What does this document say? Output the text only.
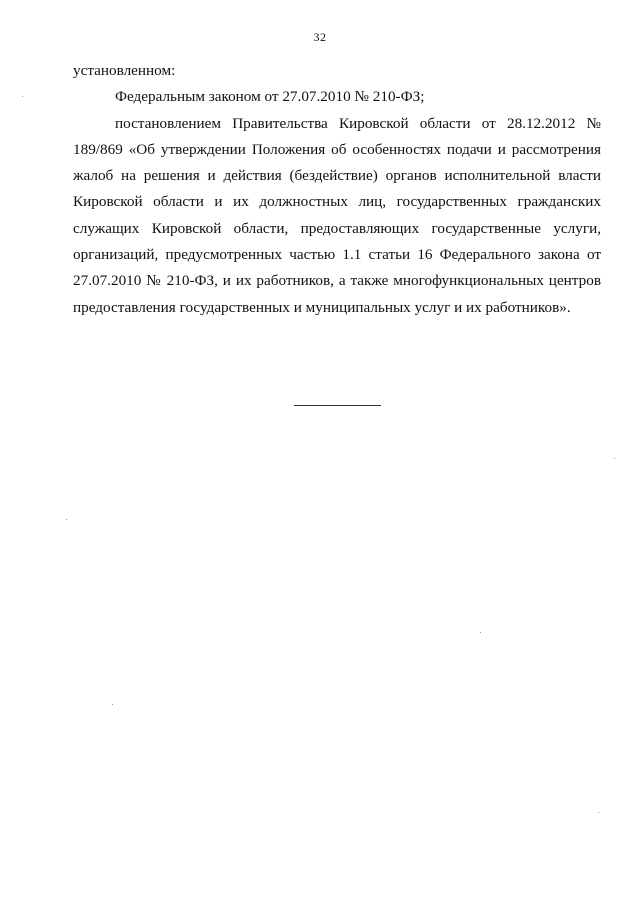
32

установленном:

Федеральным законом от 27.07.2010 № 210-ФЗ;

постановлением Правительства Кировской области от 28.12.2012 № 189/869 «Об утверждении Положения об особенностях подачи и рассмотрения жалоб на решения и действия (бездействие) органов исполнительной власти Кировской области и их должностных лиц, государственных гражданских служащих Кировской области, предоставляющих государственные услуги, организаций, предусмотренных частью 1.1 статьи 16 Федерального закона от 27.07.2010 № 210-ФЗ, и их работников, а также многофункциональных центров предоставления государственных и муниципальных услуг и их работников».
